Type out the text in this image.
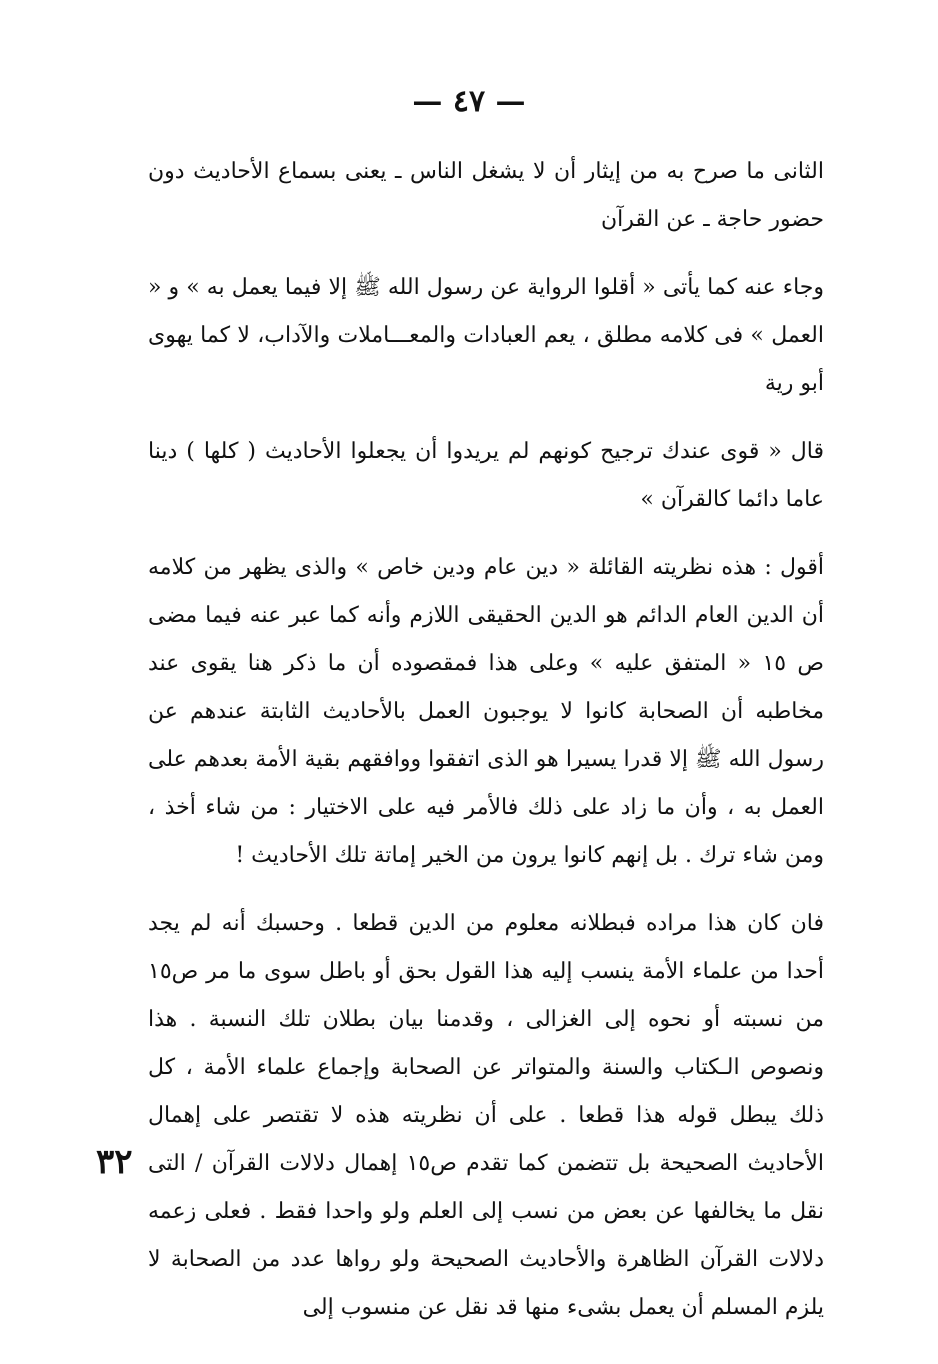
— ٤٧ —

الثانى ما صرح به من إيثار أن لا يشغل الناس ـ يعنى بسماع الأحاديث دون حضور حاجة ـ عن القرآن

وجاء عنه كما يأتى « أقلوا الرواية عن رسول الله ﷺ إلا فيما يعمل به » و « العمل » فى كلامه مطلق ، يعم العبادات والمعـــاملات والآداب، لا كما يهوى أبو رية

قال « قوى عندك ترجيح كونهم لم يريدوا أن يجعلوا الأحاديث ( كلها ) دينا عاما دائما كالقرآن »

أقول : هذه نظريته القائلة « دين عام ودين خاص » والذى يظهر من كلامه أن الدين العام الدائم هو الدين الحقيقى اللازم وأنه كما عبر عنه فيما مضى ص ١٥ « المتفق عليه » وعلى هذا فمقصوده أن ما ذكر هنا يقوى عند مخاطبه أن الصحابة كانوا لا يوجبون العمل بالأحاديث الثابتة عندهم عن رسول الله ﷺ إلا قدرا يسيرا هو الذى اتفقوا ووافقهم بقية الأمة بعدهم على العمل به ، وأن ما زاد على ذلك فالأمر فيه على الاختيار : من شاء أخذ ، ومن شاء ترك . بل إنهم كانوا يرون من الخير إماتة تلك الأحاديث !

فان كان هذا مراده فبطلانه معلوم من الدين قطعا . وحسبك أنه لم يجد أحدا من علماء الأمة ينسب إليه هذا القول بحق أو باطل سوى ما مر ص١٥ من نسبته أو نحوه إلى الغزالى ، وقدمنا بيان بطلان تلك النسبة . هذا ونصوص الـكتاب والسنة والمتواتر عن الصحابة وإجماع علماء الأمة ، كل ذلك يبطل قوله هذا قطعا . على أن نظريته هذه لا تقتصر على إهمال الأحاديث الصحيحة بل تتضمن كما تقدم ص١٥ إهمال دلالات القرآن / التى نقل ما يخالفها عن بعض من نسب إلى العلم ولو واحدا فقط . فعلى زعمه دلالات القرآن الظاهرة والأحاديث الصحيحة ولو رواها عدد من الصحابة لا يلزم المسلم أن يعمل بشىء منها قد نقل عن منسوب إلى

٣٢
